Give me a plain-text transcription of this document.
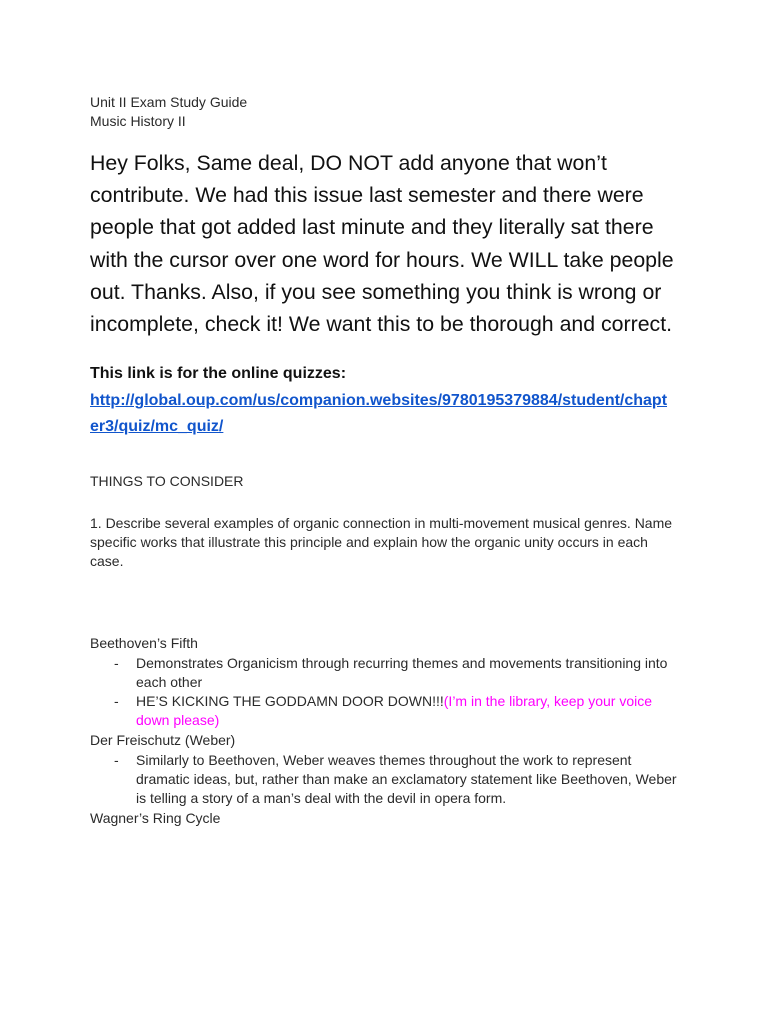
Unit II Exam Study Guide
Music History II
Hey Folks, Same deal, DO NOT add anyone that won’t contribute. We had this issue last semester and there were people that got added last minute and they literally sat there with the cursor over one word for hours. We WILL take people out. Thanks. Also, if you see something you think is wrong or incomplete, check it! We want this to be thorough and correct.
This link is for the online quizzes:
http://global.oup.com/us/companion.websites/9780195379884/student/chapter3/quiz/mc_quiz/
THINGS TO CONSIDER
1. Describe several examples of organic connection in multi-movement musical genres. Name specific works that illustrate this principle and explain how the organic unity occurs in each case.
Beethoven’s Fifth
- Demonstrates Organicism through recurring themes and movements transitioning into each other
- HE’S KICKING THE GODDAMN DOOR DOWN!!!(I’m in the library, keep your voice down please)
Der Freischutz (Weber)
- Similarly to Beethoven, Weber weaves themes throughout the work to represent dramatic ideas, but, rather than make an exclamatory statement like Beethoven, Weber is telling a story of a man’s deal with the devil in opera form.
Wagner’s Ring Cycle
